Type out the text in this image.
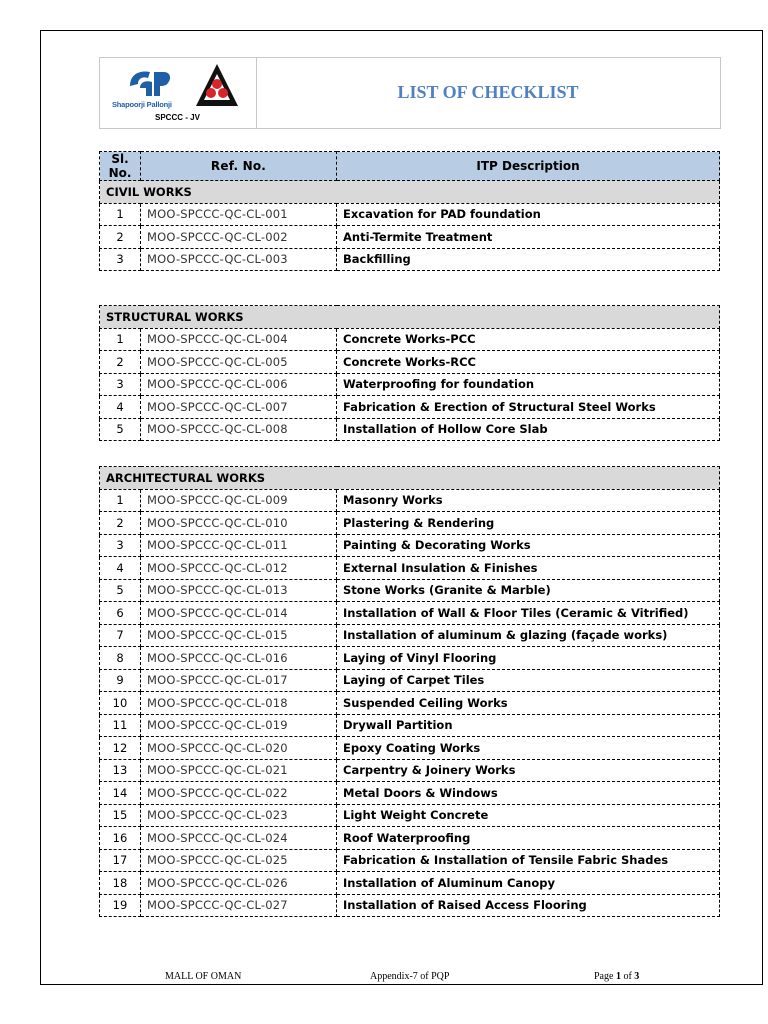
Shapoorji Pallonji
SPCCC - JV
LIST OF CHECKLIST
Sl.
No.	Ref. No.	ITP Description
CIVIL WORKS		
1	MOO-SPCCC-QC-CL-001	Excavation for PAD foundation
2	MOO-SPCCC-QC-CL-002	Anti-Termite Treatment
3	MOO-SPCCC-QC-CL-003	Backfilling
STRUCTURAL WORKS		
1	MOO-SPCCC-QC-CL-004	Concrete Works-PCC
2	MOO-SPCCC-QC-CL-005	Concrete Works-RCC
3	MOO-SPCCC-QC-CL-006	Waterproofing for foundation
4	MOO-SPCCC-QC-CL-007	Fabrication & Erection of Structural Steel Works
5	MOO-SPCCC-QC-CL-008	Installation of Hollow Core Slab
ARCHITECTURAL WORKS		
1	MOO-SPCCC-QC-CL-009	Masonry Works
2	MOO-SPCCC-QC-CL-010	Plastering & Rendering
3	MOO-SPCCC-QC-CL-011	Painting & Decorating Works
4	MOO-SPCCC-QC-CL-012	External Insulation & Finishes
5	MOO-SPCCC-QC-CL-013	Stone Works (Granite & Marble)
6	MOO-SPCCC-QC-CL-014	Installation of Wall & Floor Tiles (Ceramic & Vitrified)
7	MOO-SPCCC-QC-CL-015	Installation of aluminum & glazing (façade works)
8	MOO-SPCCC-QC-CL-016	Laying of Vinyl Flooring
9	MOO-SPCCC-QC-CL-017	Laying of Carpet Tiles
10	MOO-SPCCC-QC-CL-018	Suspended Ceiling Works
11	MOO-SPCCC-QC-CL-019	Drywall Partition
12	MOO-SPCCC-QC-CL-020	Epoxy Coating Works
13	MOO-SPCCC-QC-CL-021	Carpentry & Joinery Works
14	MOO-SPCCC-QC-CL-022	Metal Doors & Windows
15	MOO-SPCCC-QC-CL-023	Light Weight Concrete
16	MOO-SPCCC-QC-CL-024	Roof Waterproofing
17	MOO-SPCCC-QC-CL-025	Fabrication & Installation of Tensile Fabric Shades
18	MOO-SPCCC-QC-CL-026	Installation of Aluminum Canopy
19	MOO-SPCCC-QC-CL-027	Installation of Raised Access Flooring
MALL OF OMAN	Appendix-7 of PQP	Page 1 of 3
